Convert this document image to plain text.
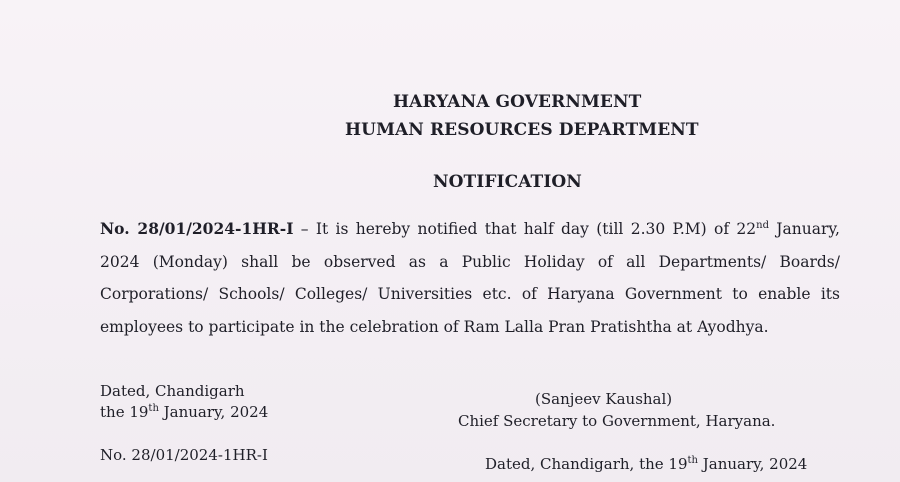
HARYANA GOVERNMENT
HUMAN RESOURCES DEPARTMENT
NOTIFICATION
No. 28/01/2024-1HR-I – It is hereby notified that half day (till 2.30 P.M) of 22nd January,
2024 (Monday) shall be observed as a Public Holiday of all Departments/ Boards/
Corporations/ Schools/ Colleges/ Universities etc. of Haryana Government to enable its
employees to participate in the celebration of Ram Lalla Pran Pratishtha at Ayodhya.
Dated, Chandigarh
the 19th January, 2024
(Sanjeev Kaushal)
Chief Secretary to Government, Haryana.
No. 28/01/2024-1HR-I	Dated, Chandigarh, the 19th January, 2024
